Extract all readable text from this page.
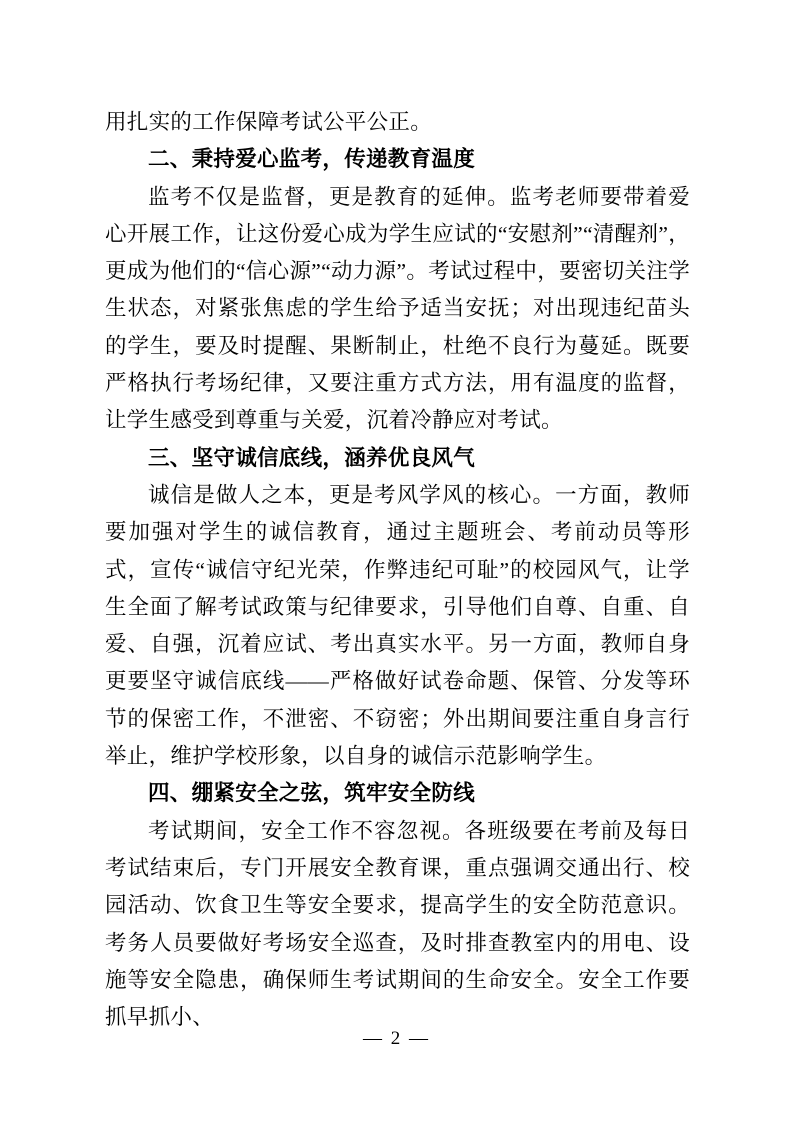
用扎实的工作保障考试公平公正。

二、秉持爱心监考，传递教育温度

监考不仅是监督，更是教育的延伸。监考老师要带着爱心开展工作，让这份爱心成为学生应试的“安慰剂”“清醒剂”，更成为他们的“信心源”“动力源”。考试过程中，要密切关注学生状态，对紧张焦虑的学生给予适当安抚；对出现违纪苗头的学生，要及时提醒、果断制止，杜绝不良行为蔓延。既要严格执行考场纪律，又要注重方式方法，用有温度的监督，让学生感受到尊重与关爱，沉着冷静应对考试。

三、坚守诚信底线，涵养优良风气

诚信是做人之本，更是考风学风的核心。一方面，教师要加强对学生的诚信教育，通过主题班会、考前动员等形式，宣传“诚信守纪光荣，作弊违纪可耻”的校园风气，让学生全面了解考试政策与纪律要求，引导他们自尊、自重、自爱、自强，沉着应试、考出真实水平。另一方面，教师自身更要坚守诚信底线——严格做好试卷命题、保管、分发等环节的保密工作，不泄密、不窃密；外出期间要注重自身言行举止，维护学校形象，以自身的诚信示范影响学生。

四、绷紧安全之弦，筑牢安全防线

考试期间，安全工作不容忽视。各班级要在考前及每日考试结束后，专门开展安全教育课，重点强调交通出行、校园活动、饮食卫生等安全要求，提高学生的安全防范意识。考务人员要做好考场安全巡查，及时排查教室内的用电、设施等安全隐患，确保师生考试期间的生命安全。安全工作要抓早抓小、

— 2 —
